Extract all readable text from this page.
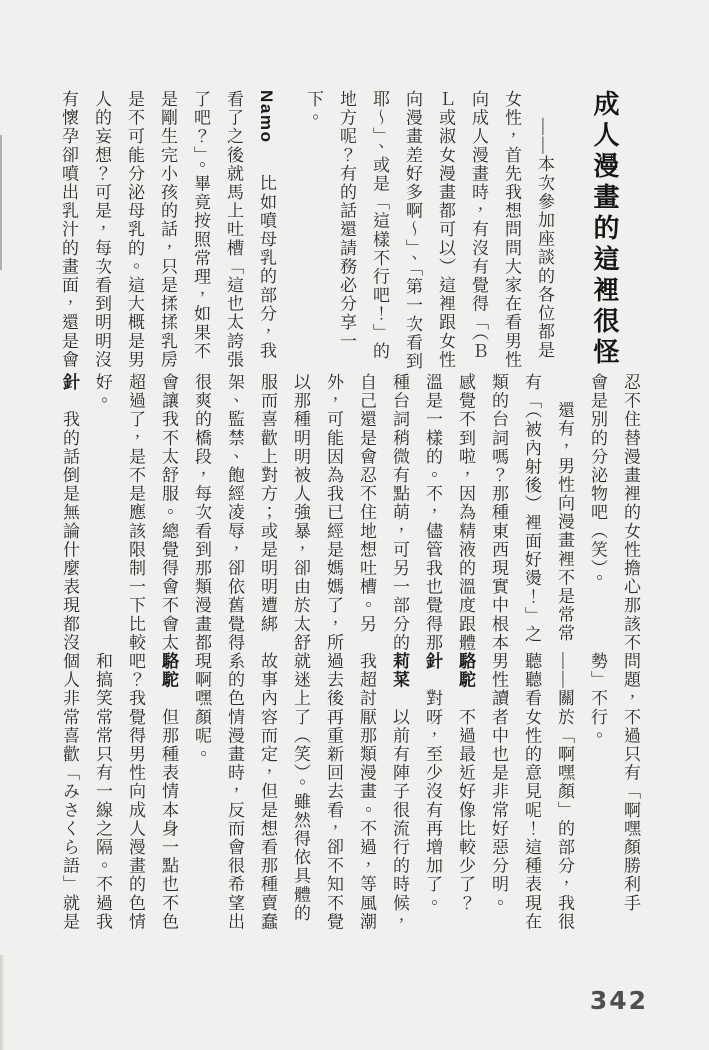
成人漫畫的這裡很怪

——本次參加座談的各位都是女性，首先我想問問大家在看男性向成人漫畫時，有沒有覺得「（ＢＬ或淑女漫畫都可以）這裡跟女性向漫畫差好多啊～」、「第一次看到耶～」、或是「這樣不行吧！」的地方呢？有的話還請務必分享一下。

Namo　比如噴母乳的部分，我看了之後就馬上吐槽「這也太誇張了吧？」。畢竟按照常理，如果不是剛生完小孩的話，只是揉揉乳房是不可能分泌母乳的。這大概是男人的妄想？可是，每次看到明明沒有懷孕卻噴出乳汁的畫面，還是會

忍不住替漫畫裡的女性擔心那該不會是別的分泌物吧（笑）。

還有，男性向漫畫裡不是常常有「（被內射後）裡面好燙！」之類的台詞嗎？那種東西現實中根本感覺不到啦，因為精液的溫度跟體溫是一樣的。不，儘管我也覺得那種台詞稍微有點萌，可另一部分的自己還是會忍不住地想吐槽。另外，可能因為我已經是媽媽了，所以那種明明被人強暴，卻由於太舒服而喜歡上對方；或是明明遭綁架、監禁、飽經凌辱，卻依舊覺得很爽的橋段，每次看到那類漫畫都會讓我不太舒服。總覺得會不會太超過了，是不是應該限制一下比較好。

針　我的話倒是無論什麼表現都沒

問題，不過只有「啊嘿顏勝利手勢」不行。

——關於「啊嘿顏」的部分，我很聽聽看女性的意見呢！這種表現在男性讀者中也是非常好惡分明。

駱駝　不過最近好像比較少了？

針　對呀，至少沒有再增加了。

莉菜　以前有陣子很流行的時候，我超討厭那類漫畫。不過，等風潮過去後再重新回去看，卻不知不覺就迷上了（笑）。雖然得依具體的故事內容而定，但是想看那種賣蠢系的色情漫畫時，反而會很希望出現啊嘿顏呢。

駱駝　但那種表情本身一點也不色吧？我覺得男性向成人漫畫的色情和搞笑常常只有一線之隔。不過我個人非常喜歡「みさくら語」就是

342
